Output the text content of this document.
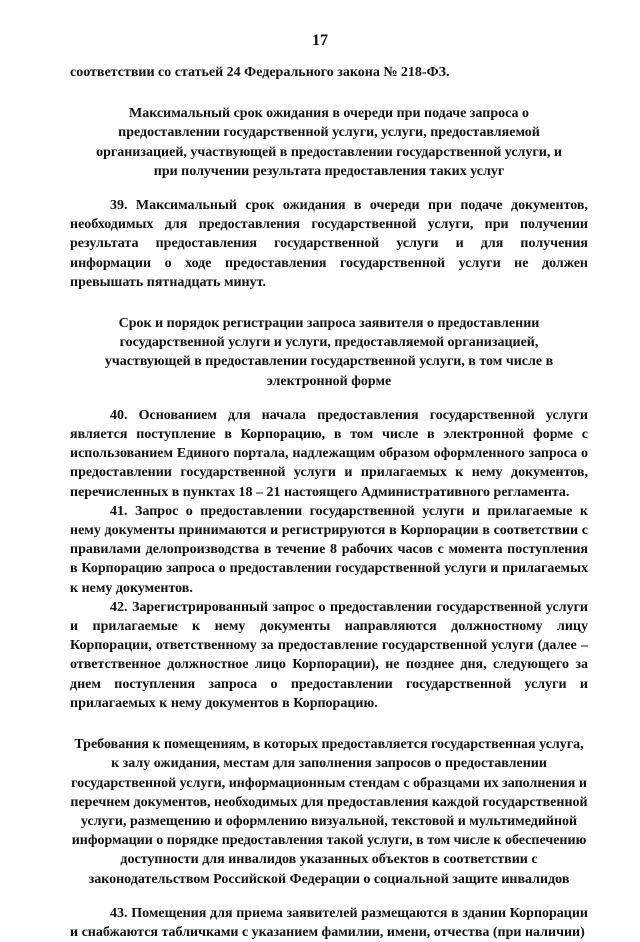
17

соответствии со статьей 24 Федерального закона № 218-ФЗ.

Максимальный срок ожидания в очереди при подаче запроса о предоставлении государственной услуги, услуги, предоставляемой организацией, участвующей в предоставлении государственной услуги, и при получении результата предоставления таких услуг

39. Максимальный срок ожидания в очереди при подаче документов, необходимых для предоставления государственной услуги, при получении результата предоставления государственной услуги и для получения информации о ходе предоставления государственной услуги не должен превышать пятнадцать минут.

Срок и порядок регистрации запроса заявителя о предоставлении государственной услуги и услуги, предоставляемой организацией, участвующей в предоставлении государственной услуги, в том числе в электронной форме

40. Основанием для начала предоставления государственной услуги является поступление в Корпорацию, в том числе в электронной форме с использованием Единого портала, надлежащим образом оформленного запроса о предоставлении государственной услуги и прилагаемых к нему документов, перечисленных в пунктах 18 – 21 настоящего Административного регламента.

41. Запрос о предоставлении государственной услуги и прилагаемые к нему документы принимаются и регистрируются в Корпорации в соответствии с правилами делопроизводства в течение 8 рабочих часов с момента поступления в Корпорацию запроса о предоставлении государственной услуги и прилагаемых к нему документов.

42. Зарегистрированный запрос о предоставлении государственной услуги и прилагаемые к нему документы направляются должностному лицу Корпорации, ответственному за предоставление государственной услуги (далее – ответственное должностное лицо Корпорации), не позднее дня, следующего за днем поступления запроса о предоставлении государственной услуги и прилагаемых к нему документов в Корпорацию.

Требования к помещениям, в которых предоставляется государственная услуга, к залу ожидания, местам для заполнения запросов о предоставлении государственной услуги, информационным стендам с образцами их заполнения и перечнем документов, необходимых для предоставления каждой государственной услуги, размещению и оформлению визуальной, текстовой и мультимедийной информации о порядке предоставления такой услуги, в том числе к обеспечению доступности для инвалидов указанных объектов в соответствии с законодательством Российской Федерации о социальной защите инвалидов

43. Помещения для приема заявителей размещаются в здании Корпорации и снабжаются табличками с указанием фамилии, имени, отчества (при наличии)
